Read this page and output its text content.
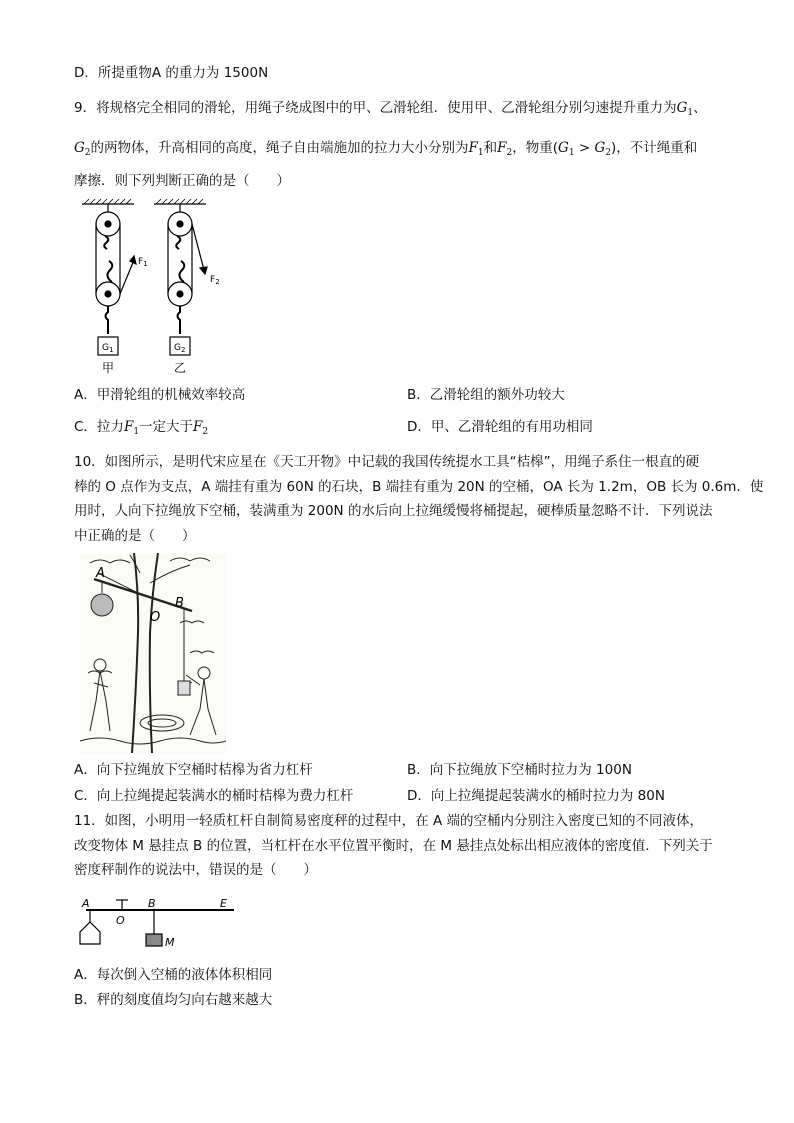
D．所提重物A 的重力为 1500N
9．将规格完全相同的滑轮，用绳子绕成图中的甲、乙滑轮组．使用甲、乙滑轮组分别匀速提升重力为$G_1$、
$G_2$的两物体，升高相同的高度，绳子自由端施加的拉力大小分别为$F_1$和$F_2$，物重$(G_1 > G_2)$，不计绳重和
摩擦．则下列判断正确的是（　　）
$F_1$
$F_2$
$G_1$	$G_2$
甲	乙
A．甲滑轮组的机械效率较高	B．乙滑轮组的额外功较大
C．拉力$F_1$一定大于$F_2$	D．甲、乙滑轮组的有用功相同
10．如图所示，是明代宋应星在《天工开物》中记载的我国传统提水工具“桔槔”，用绳子系住一根直的硬
棒的 O 点作为支点，A 端挂有重为 60N 的石块，B 端挂有重为 20N 的空桶，OA 长为 1.2m，OB 长为 0.6m．使
用时，人向下拉绳放下空桶，装满重为 200N 的水后向上拉绳缓慢将桶提起，硬棒质量忽略不计．下列说法
中正确的是（　　）
A
B
O
A．向下拉绳放下空桶时桔槔为省力杠杆	B．向下拉绳放下空桶时拉力为 100N
C．向上拉绳提起装满水的桶时桔槔为费力杠杆	D．向上拉绳提起装满水的桶时拉力为 80N
11．如图，小明用一轻质杠杆自制简易密度秤的过程中，在 A 端的空桶内分别注入密度已知的不同液体，
改变物体 M 悬挂点 B 的位置，当杠杆在水平位置平衡时，在 M 悬挂点处标出相应液体的密度值．下列关于
密度秤制作的说法中，错误的是（　　）
A
O
B	E
M
A．每次倒入空桶的液体体积相同
B．秤的刻度值均匀向右越来越大
